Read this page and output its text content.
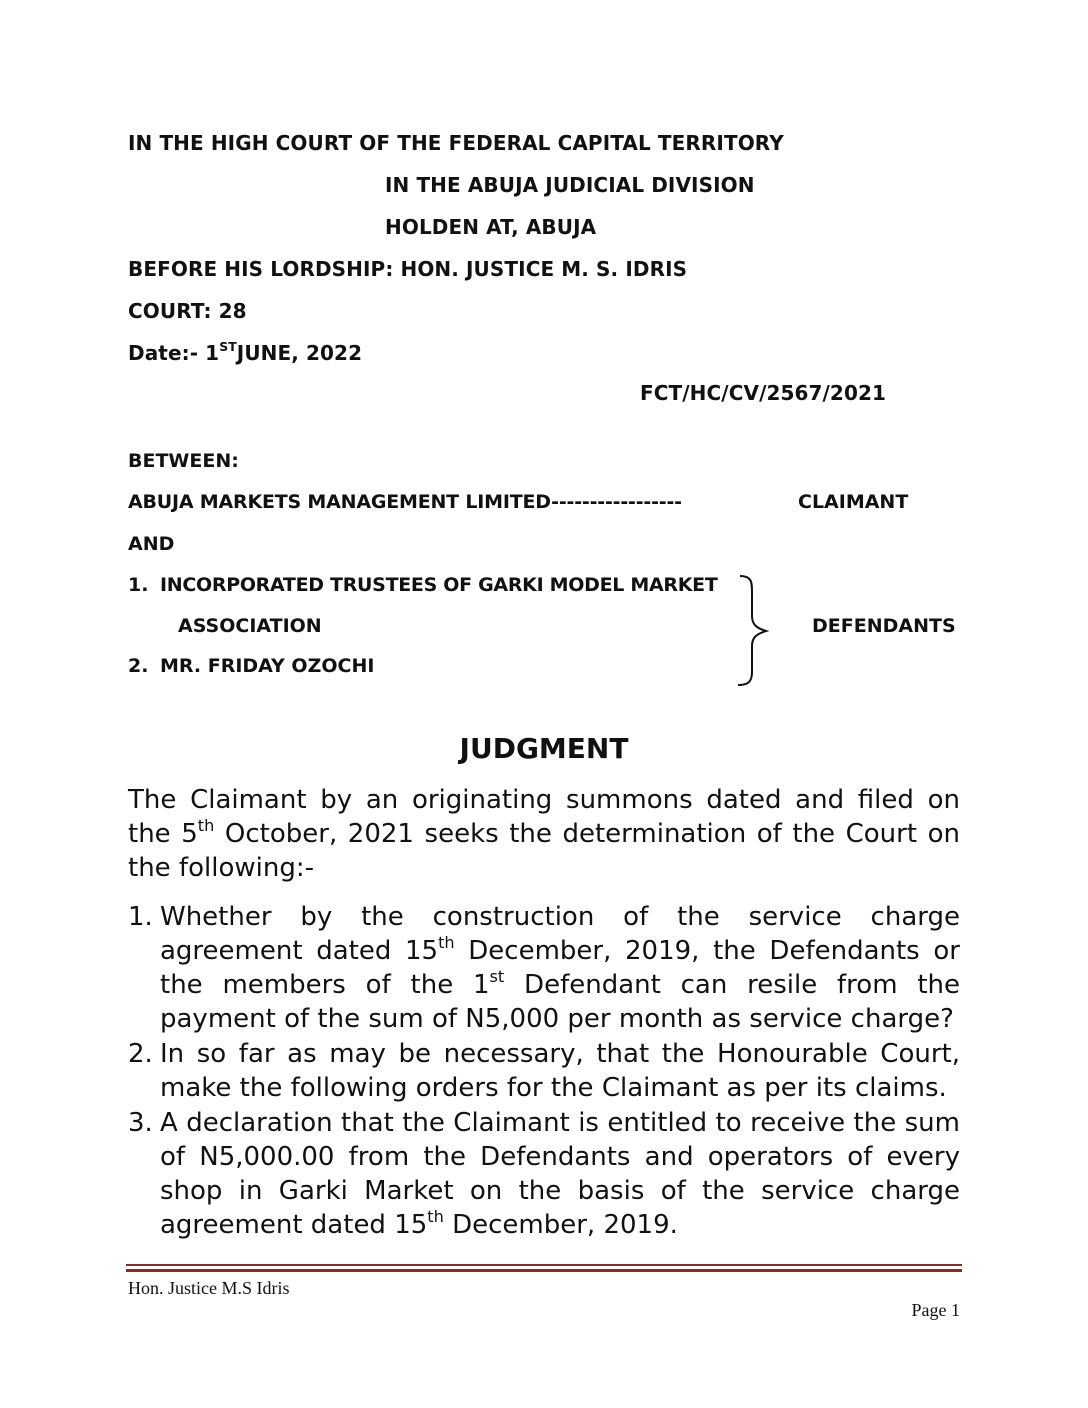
IN THE HIGH COURT OF THE FEDERAL CAPITAL TERRITORY
IN THE ABUJA JUDICIAL DIVISION
HOLDEN AT, ABUJA
BEFORE HIS LORDSHIP: HON. JUSTICE M. S. IDRIS
COURT: 28
Date:- 1STJUNE, 2022
FCT/HC/CV/2567/2021
BETWEEN:
ABUJA MARKETS MANAGEMENT LIMITED-----------------	CLAIMANT
AND
1. INCORPORATED TRUSTEES OF GARKI MODEL MARKET
ASSOCIATION
2. MR. FRIDAY OZOCHI
DEFENDANTS
JUDGMENT
The Claimant by an originating summons dated and filed on the 5th October, 2021 seeks the determination of the Court on the following:-
1. Whether by the construction of the service charge agreement dated 15th December, 2019, the Defendants or the members of the 1st Defendant can resile from the payment of the sum of N5,000 per month as service charge?
2. In so far as may be necessary, that the Honourable Court, make the following orders for the Claimant as per its claims.
3. A declaration that the Claimant is entitled to receive the sum of N5,000.00 from the Defendants and operators of every shop in Garki Market on the basis of the service charge agreement dated 15th December, 2019.
Hon. Justice M.S Idris
Page 1
